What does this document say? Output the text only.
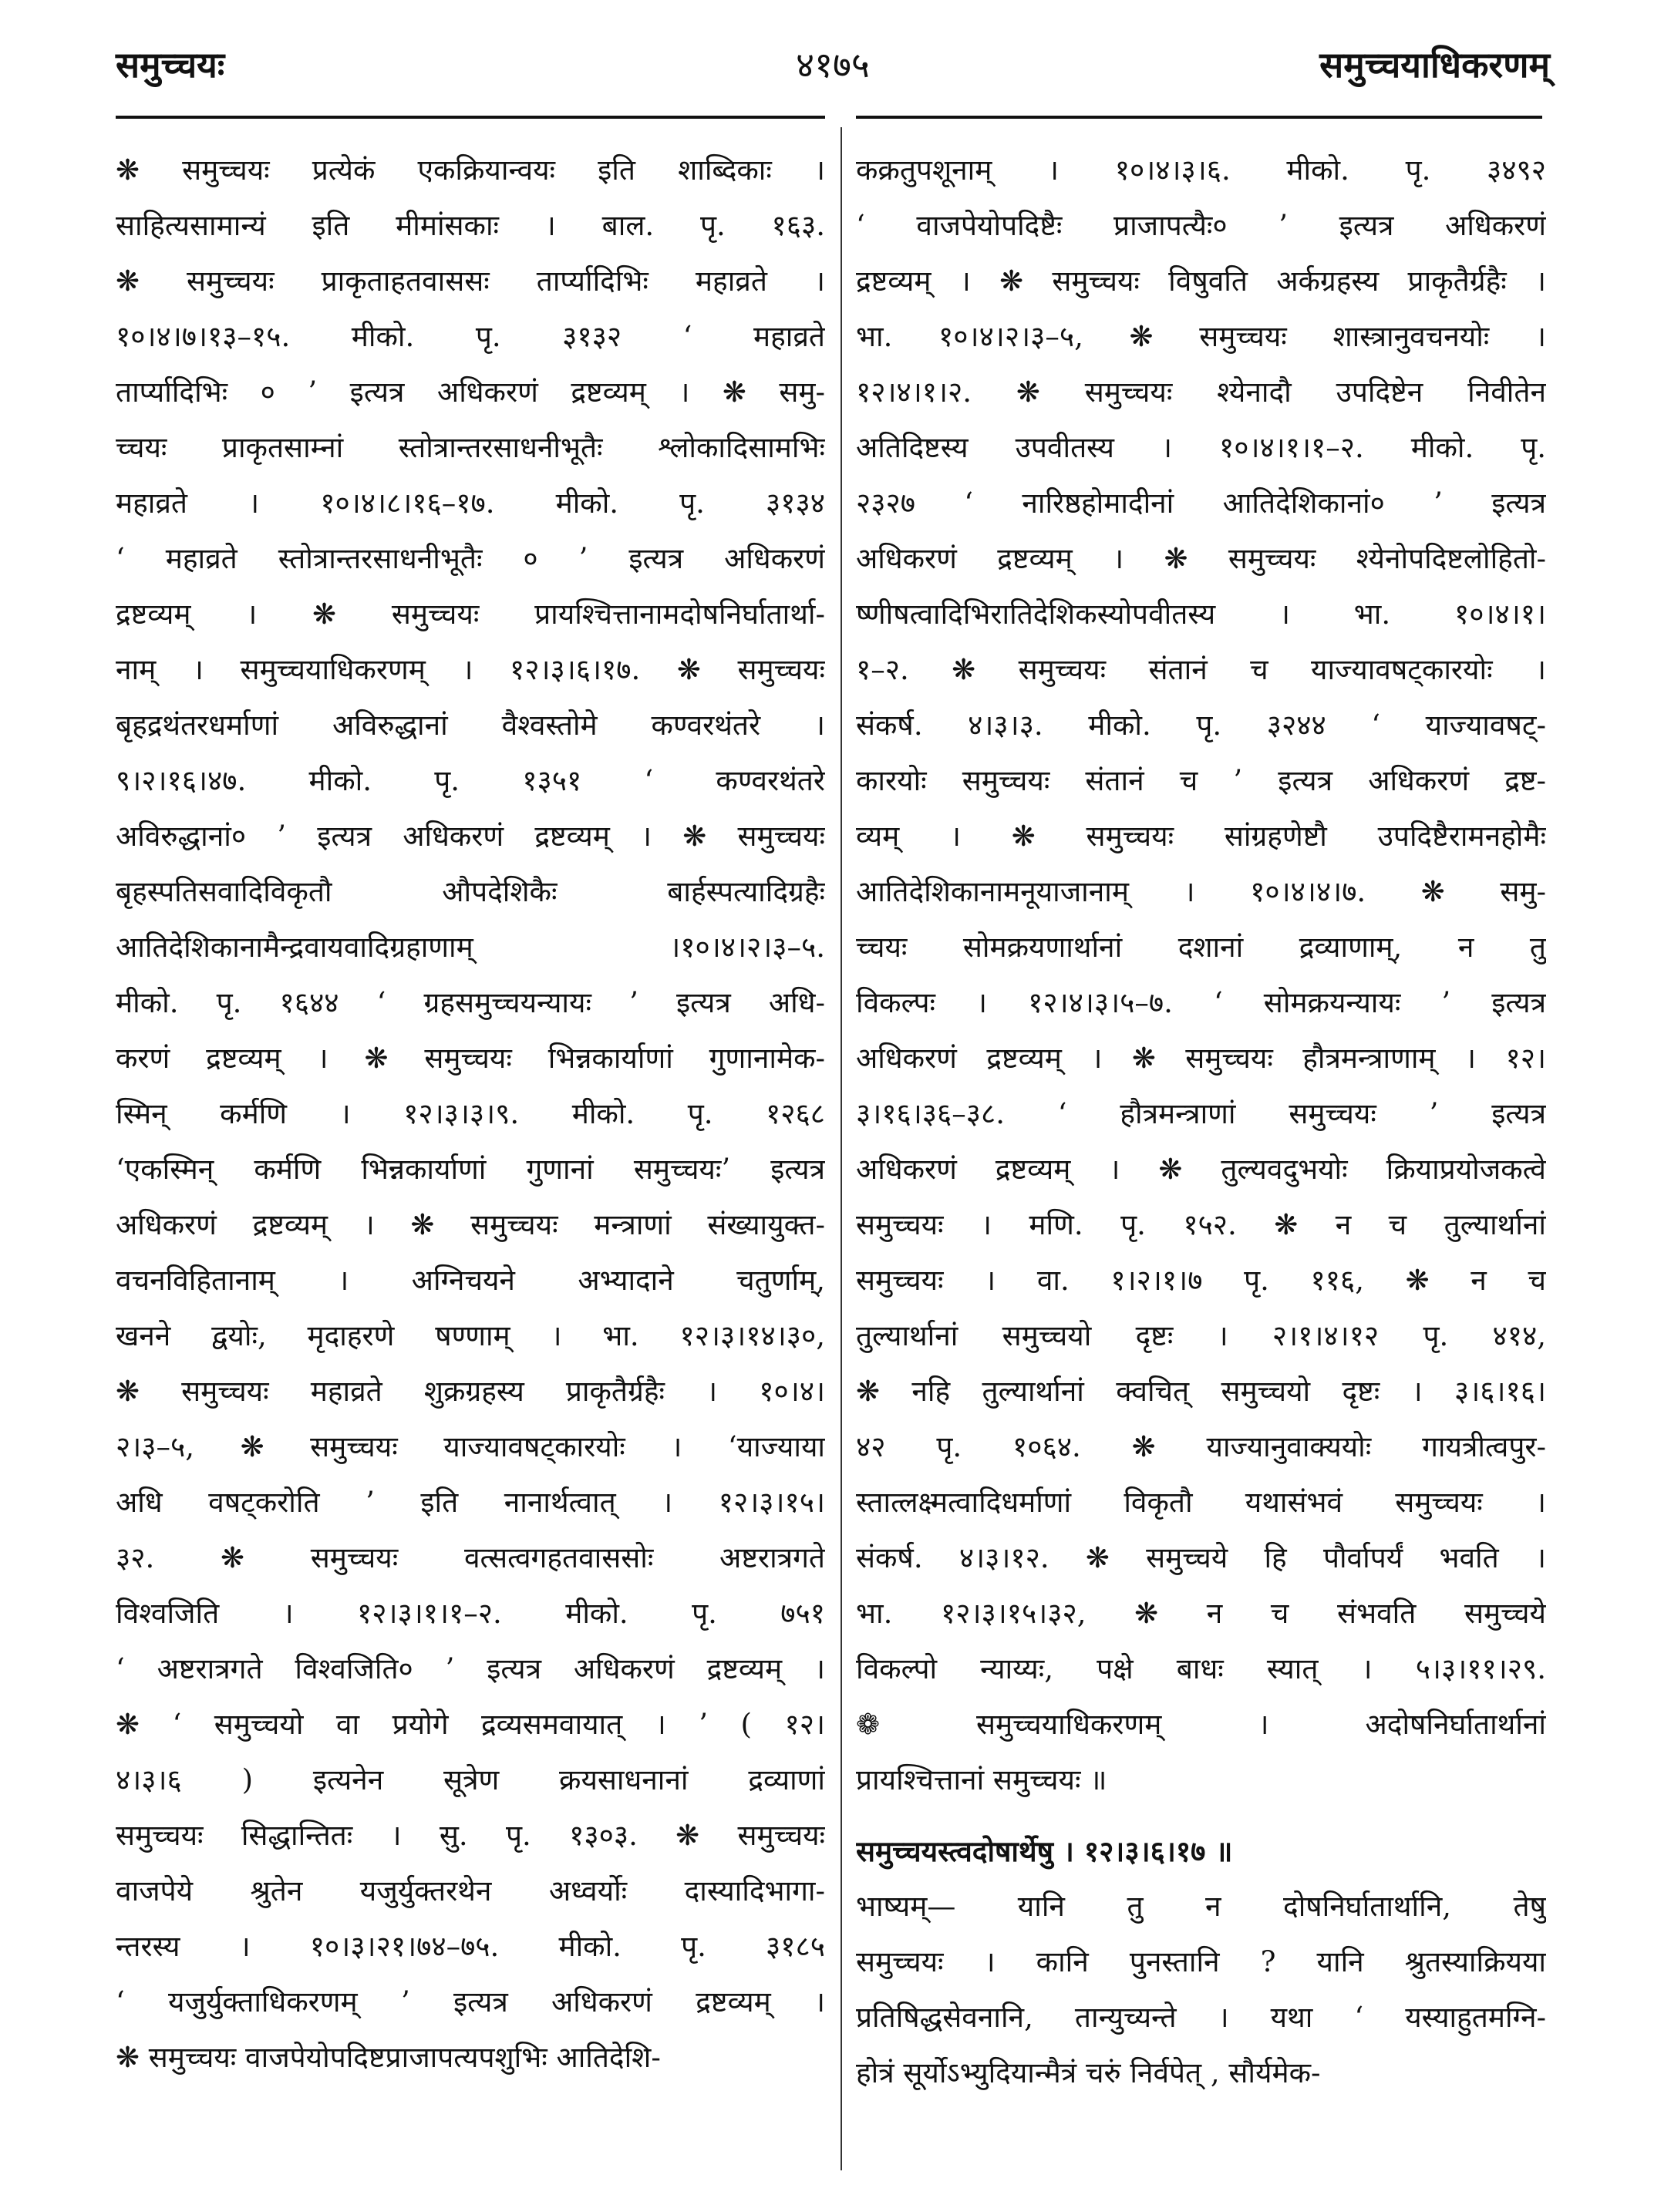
समुच्चयः	४१७५	समुच्चयाधिकरणम्
❋ समुच्चयः प्रत्येकं एकक्रियान्वयः इति शाब्दिकाः ।
साहित्यसामान्यं इति मीमांसकाः । बाल. पृ. १६३.
❋ समुच्चयः प्राकृताहतवाससः तार्प्यादिभिः महाव्रते ।
१०।४।७।१३–१५. मीको. पृ. ३१३२ ‘ महाव्रते
तार्प्यादिभिः ० ’ इत्यत्र अधिकरणं द्रष्टव्यम् । ❋ समु-
च्चयः प्राकृतसाम्नां स्तोत्रान्तरसाधनीभूतैः श्लोकादिसामभिः
महाव्रते । १०।४।८।१६–१७. मीको. पृ. ३१३४
‘ महाव्रते स्तोत्रान्तरसाधनीभूतैः ० ’ इत्यत्र अधिकरणं
द्रष्टव्यम् । ❋ समुच्चयः प्रायश्चित्तानामदोषनिर्घातार्था-
नाम् । समुच्चयाधिकरणम् । १२।३।६।१७. ❋ समुच्चयः
बृहद्रथंतरधर्माणां अविरुद्धानां वैश्वस्तोमे कण्वरथंतरे ।
९।२।१६।४७. मीको. पृ. १३५१ ‘ कण्वरथंतरे
अविरुद्धानां० ’ इत्यत्र अधिकरणं द्रष्टव्यम् । ❋ समुच्चयः
बृहस्पतिसवादिविकृतौ औपदेशिकैः बार्हस्पत्यादिग्रहैः
आतिदेशिकानामैन्द्रवायवादिग्रहाणाम् ।१०।४।२।३–५.
मीको. पृ. १६४४ ‘ ग्रहसमुच्चयन्यायः ’ इत्यत्र अधि-
करणं द्रष्टव्यम् । ❋ समुच्चयः भिन्नकार्याणां गुणानामेक-
स्मिन् कर्मणि । १२।३।३।९. मीको. पृ. १२६८
‘एकस्मिन् कर्मणि भिन्नकार्याणां गुणानां समुच्चयः’ इत्यत्र
अधिकरणं द्रष्टव्यम् । ❋ समुच्चयः मन्त्राणां संख्यायुक्त-
वचनविहितानाम् । अग्निचयने अभ्यादाने चतुर्णाम्,
खनने द्वयोः, मृदाहरणे षण्णाम् । भा. १२।३।१४।३०,
❋ समुच्चयः महाव्रते शुक्रग्रहस्य प्राकृतैर्ग्रहैः । १०।४।
२।३–५, ❋ समुच्चयः याज्यावषट्कारयोः । ‘याज्याया
अधि वषट्करोति ’ इति नानार्थत्वात् । १२।३।१५।
३२. ❋ समुच्चयः वत्सत्वगहतवाससोः अष्टरात्रगते
विश्वजिति । १२।३।१।१–२. मीको. पृ. ७५१
‘ अष्टरात्रगते विश्वजिति० ’ इत्यत्र अधिकरणं द्रष्टव्यम् ।
❋ ‘ समुच्चयो वा प्रयोगे द्रव्यसमवायात् । ’ ( १२।
४।३।६ ) इत्यनेन सूत्रेण क्रयसाधनानां द्रव्याणां
समुच्चयः सिद्धान्तितः । सु. पृ. १३०३. ❋ समुच्चयः
वाजपेये श्रुतेन यजुर्युक्तरथेन अध्वर्योः दास्यादिभागा-
न्तरस्य । १०।३।२१।७४–७५. मीको. पृ. ३१८५
‘ यजुर्युक्ताधिकरणम् ’ इत्यत्र अधिकरणं द्रष्टव्यम् ।
❋ समुच्चयः वाजपेयोपदिष्टप्राजापत्यपशुभिः आतिदेशि-
कक्रतुपशूनाम् । १०।४।३।६. मीको. पृ. ३४९२
‘ वाजपेयोपदिष्टैः प्राजापत्यैः० ’ इत्यत्र अधिकरणं
द्रष्टव्यम् । ❋ समुच्चयः विषुवति अर्कग्रहस्य प्राकृतैर्ग्रहैः ।
भा. १०।४।२।३–५, ❋ समुच्चयः शास्त्रानुवचनयोः ।
१२।४।१।२. ❋ समुच्चयः श्येनादौ उपदिष्टेन निवीतेन
अतिदिष्टस्य उपवीतस्य । १०।४।१।१–२. मीको. पृ.
२३२७ ‘ नारिष्ठहोमादीनां आतिदेशिकानां० ’ इत्यत्र
अधिकरणं द्रष्टव्यम् । ❋ समुच्चयः श्येनोपदिष्टलोहितो-
ष्णीषत्वादिभिरातिदेशिकस्योपवीतस्य । भा. १०।४।१।
१–२. ❋ समुच्चयः संतानं च याज्यावषट्कारयोः ।
संकर्ष. ४।३।३. मीको. पृ. ३२४४ ‘ याज्यावषट्-
कारयोः समुच्चयः संतानं च ’ इत्यत्र अधिकरणं द्रष्ट-
व्यम् । ❋ समुच्चयः सांग्रहणेष्टौ उपदिष्टैरामनहोमैः
आतिदेशिकानामनूयाजानाम् । १०।४।४।७. ❋ समु-
च्चयः सोमक्रयणार्थानां दशानां द्रव्याणाम्, न तु
विकल्पः । १२।४।३।५–७. ‘ सोमक्रयन्यायः ’ इत्यत्र
अधिकरणं द्रष्टव्यम् । ❋ समुच्चयः हौत्रमन्त्राणाम् । १२।
३।१६।३६–३८. ‘ हौत्रमन्त्राणां समुच्चयः ’ इत्यत्र
अधिकरणं द्रष्टव्यम् । ❋ तुल्यवदुभयोः क्रियाप्रयोजकत्वे
समुच्चयः । मणि. पृ. १५२. ❋ न च तुल्यार्थानां
समुच्चयः । वा. १।२।१।७ पृ. ११६, ❋ न च
तुल्यार्थानां समुच्चयो दृष्टः । २।१।४।१२ पृ. ४१४,
❋ नहि तुल्यार्थानां क्वचित् समुच्चयो दृष्टः । ३।६।१६।
४२ पृ. १०६४. ❋ याज्यानुवाक्ययोः गायत्रीत्वपुर-
स्तात्लक्ष्मत्वादिधर्माणां विकृतौ यथासंभवं समुच्चयः ।
संकर्ष. ४।३।१२. ❋ समुच्चये हि पौर्वापर्यं भवति ।
भा. १२।३।१५।३२, ❋ न च संभवति समुच्चये
विकल्पो न्याय्यः, पक्षे बाधः स्यात् । ५।३।११।२९.
❁ समुच्चयाधिकरणम् । अदोषनिर्घातार्थानां
प्रायश्चित्तानां समुच्चयः ॥
समुच्चयस्त्वदोषार्थेषु । १२।३।६।१७ ॥
भाष्यम्— यानि तु न दोषनिर्घातार्थानि, तेषु
समुच्चयः । कानि पुनस्तानि ? यानि श्रुतस्याक्रियया
प्रतिषिद्धसेवनानि, तान्युच्यन्ते । यथा ‘ यस्याहुतमग्नि-
होत्रं सूर्योऽभ्युदियान्मैत्रं चरुं निर्वपेत् , सौर्यमेक-
